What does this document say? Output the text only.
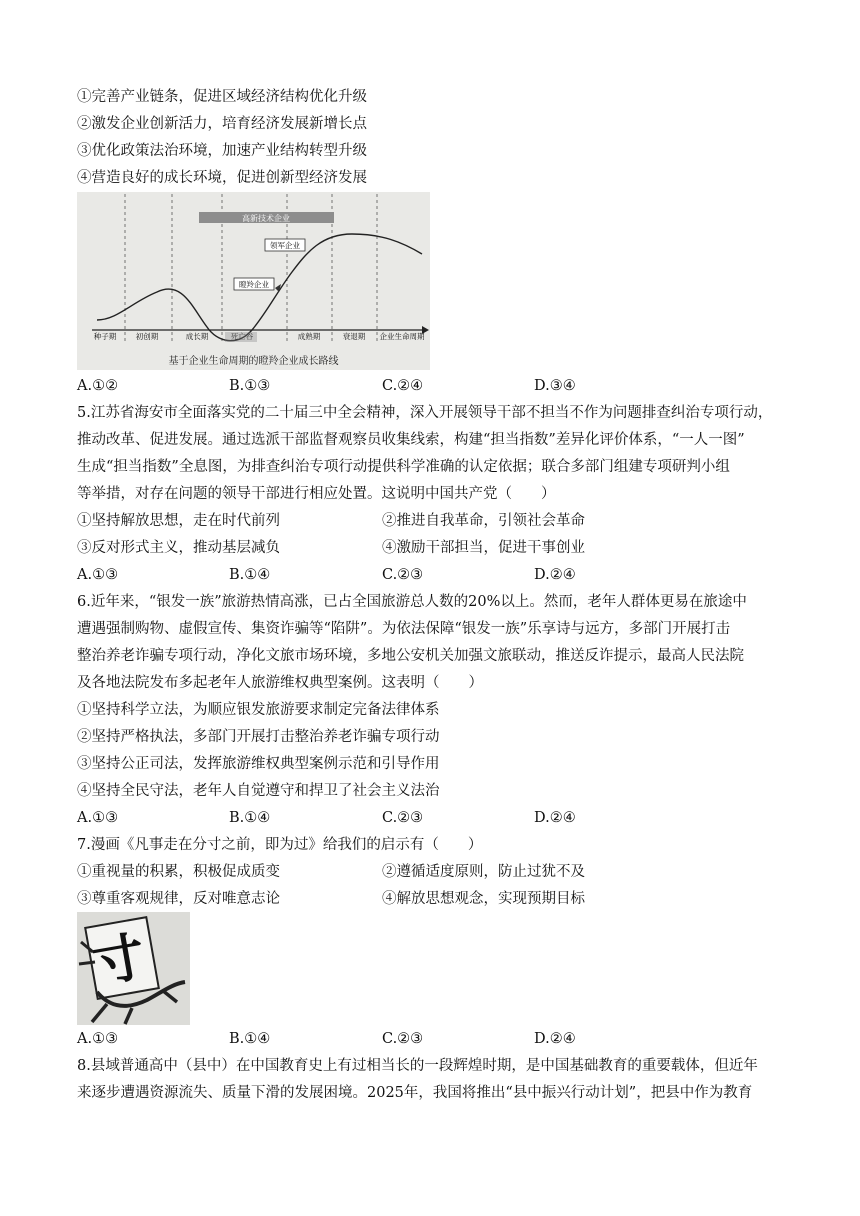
①完善产业链条，促进区域经济结构优化升级
②激发企业创新活力，培育经济发展新增长点
③优化政策法治环境，加速产业结构转型升级
④营造良好的成长环境，促进创新型经济发展
高新技术企业
领军企业
瞪羚企业
种子期	初创期	成长期	死亡谷	成熟期	衰退期 企业生命周期
基于企业生命周期的瞪羚企业成长路线
A.①②	B.①③	C.②④	D.③④
5.江苏省海安市全面落实党的二十届三中全会精神，深入开展领导干部不担当不作为问题排查纠治专项行动，
推动改革、促进发展。通过选派干部监督观察员收集线索，构建“担当指数”差异化评价体系，“一人一图”
生成“担当指数”全息图，为排查纠治专项行动提供科学准确的认定依据；联合多部门组建专项研判小组
等举措，对存在问题的领导干部进行相应处置。这说明中国共产党（　　）
①坚持解放思想，走在时代前列	②推进自我革命，引领社会革命
③反对形式主义，推动基层减负	④激励干部担当，促进干事创业
A.①③	B.①④	C.②③	D.②④
6.近年来，“银发一族”旅游热情高涨，已占全国旅游总人数的20%以上。然而，老年人群体更易在旅途中
遭遇强制购物、虚假宣传、集资诈骗等“陷阱”。为依法保障“银发一族”乐享诗与远方，多部门开展打击
整治养老诈骗专项行动，净化文旅市场环境，多地公安机关加强文旅联动，推送反诈提示，最高人民法院
及各地法院发布多起老年人旅游维权典型案例。这表明（　　）
①坚持科学立法，为顺应银发旅游要求制定完备法律体系
②坚持严格执法，多部门开展打击整治养老诈骗专项行动
③坚持公正司法，发挥旅游维权典型案例示范和引导作用
④坚持全民守法，老年人自觉遵守和捍卫了社会主义法治
A.①③	B.①④	C.②③	D.②④
7.漫画《凡事走在分寸之前，即为过》给我们的启示有（　　）
①重视量的积累，积极促成质变	②遵循适度原则，防止过犹不及
③尊重客观规律，反对唯意志论	④解放思想观念，实现预期目标
寸
A.①③	B.①④	C.②③	D.②④
8.县域普通高中（县中）在中国教育史上有过相当长的一段辉煌时期，是中国基础教育的重要载体，但近年
来逐步遭遇资源流失、质量下滑的发展困境。2025年，我国将推出“县中振兴行动计划”，把县中作为教育
